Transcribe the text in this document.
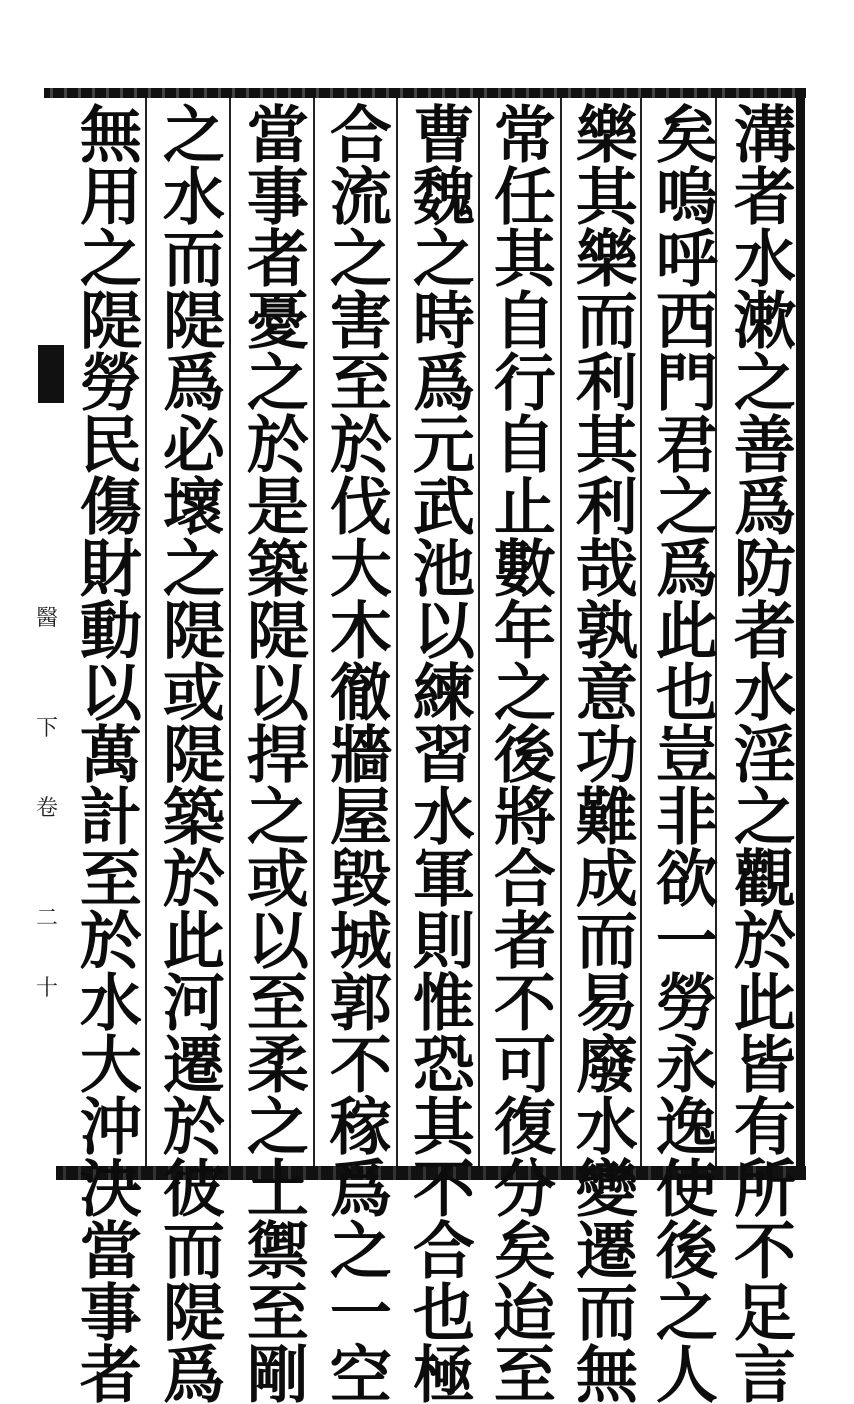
醫
下
卷
二
十	溝者水漱之善爲防者水淫之觀於此皆有所不足言
矣嗚呼西門君之爲此也豈非欲一勞永逸使後之人
樂其樂而利其利哉孰意功難成而易廢水變遷而無
常任其自行自止數年之後將合者不可復分矣迨至
曹魏之時爲元武池以練習水軍則惟恐其不合也極
合流之害至於伐大木徹牆屋毀城郭不稼爲之一空
當事者憂之於是築隄以捍之或以至柔之土禦至剛
之水而隄爲必壞之隄或隄築於此河遷於彼而隄爲
無用之隄勞民傷財動以萬計至於水大沖決當事者
